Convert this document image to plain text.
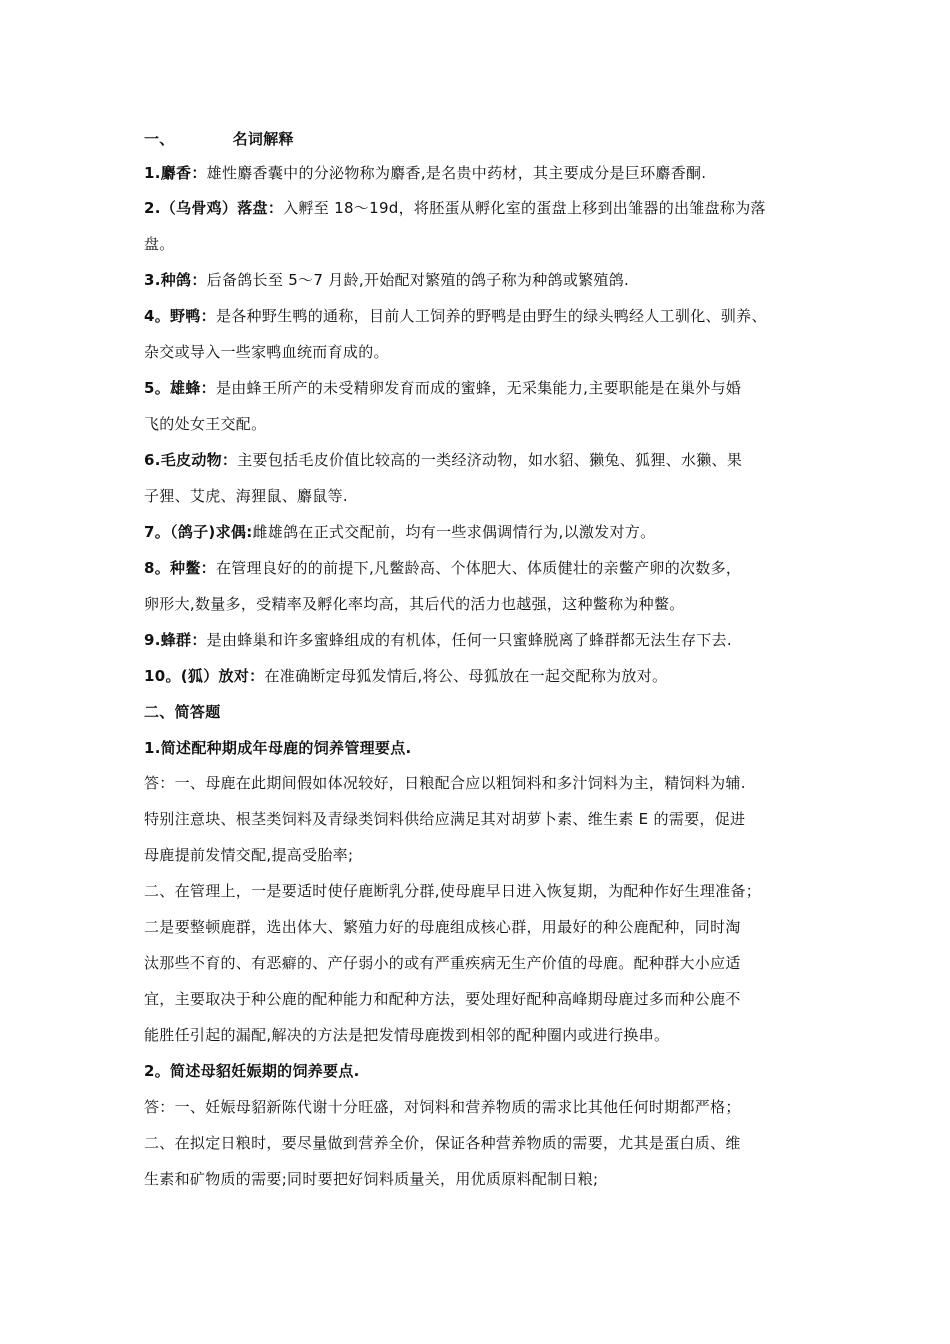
一、	名词解释
1.麝香：雄性麝香囊中的分泌物称为麝香,是名贵中药材，其主要成分是巨环麝香酮.
2.（乌骨鸡）落盘：入孵至 18～19d，将胚蛋从孵化室的蛋盘上移到出雏器的出雏盘称为落
盘。
3.种鸽：后备鸽长至 5～7 月龄,开始配对繁殖的鸽子称为种鸽或繁殖鸽.
4。野鸭：是各种野生鸭的通称，目前人工饲养的野鸭是由野生的绿头鸭经人工驯化、驯养、
杂交或导入一些家鸭血统而育成的。
5。雄蜂：是由蜂王所产的未受精卵发育而成的蜜蜂，无采集能力,主要职能是在巢外与婚
飞的处女王交配。
6.毛皮动物：主要包括毛皮价值比较高的一类经济动物，如水貂、獭兔、狐狸、水獭、果
子狸、艾虎、海狸鼠、麝鼠等.
7。（鸽子)求偶:雌雄鸽在正式交配前，均有一些求偶调情行为,以激发对方。
8。种鳖：在管理良好的的前提下,凡鳖龄高、个体肥大、体质健壮的亲鳖产卵的次数多，
卵形大,数量多，受精率及孵化率均高，其后代的活力也越强，这种鳖称为种鳖。
9.蜂群：是由蜂巢和许多蜜蜂组成的有机体，任何一只蜜蜂脱离了蜂群都无法生存下去.
10。(狐）放对：在准确断定母狐发情后,将公、母狐放在一起交配称为放对。
二、简答题
1.简述配种期成年母鹿的饲养管理要点.
答：一、母鹿在此期间假如体况较好，日粮配合应以粗饲料和多汁饲料为主，精饲料为辅.
特别注意块、根茎类饲料及青绿类饲料供给应满足其对胡萝卜素、维生素 E 的需要，促进
母鹿提前发情交配,提高受胎率;
二、在管理上，一是要适时使仔鹿断乳分群,使母鹿早日进入恢复期，为配种作好生理准备；
二是要整顿鹿群，选出体大、繁殖力好的母鹿组成核心群，用最好的种公鹿配种，同时淘
汰那些不育的、有恶癖的、产仔弱小的或有严重疾病无生产价值的母鹿。配种群大小应适
宜，主要取决于种公鹿的配种能力和配种方法，要处理好配种高峰期母鹿过多而种公鹿不
能胜任引起的漏配,解决的方法是把发情母鹿拨到相邻的配种圈内或进行换串。
2。简述母貂妊娠期的饲养要点.
答：一、妊娠母貂新陈代谢十分旺盛，对饲料和营养物质的需求比其他任何时期都严格；
二、在拟定日粮时，要尽量做到营养全价，保证各种营养物质的需要，尤其是蛋白质、维
生素和矿物质的需要;同时要把好饲料质量关，用优质原料配制日粮;
